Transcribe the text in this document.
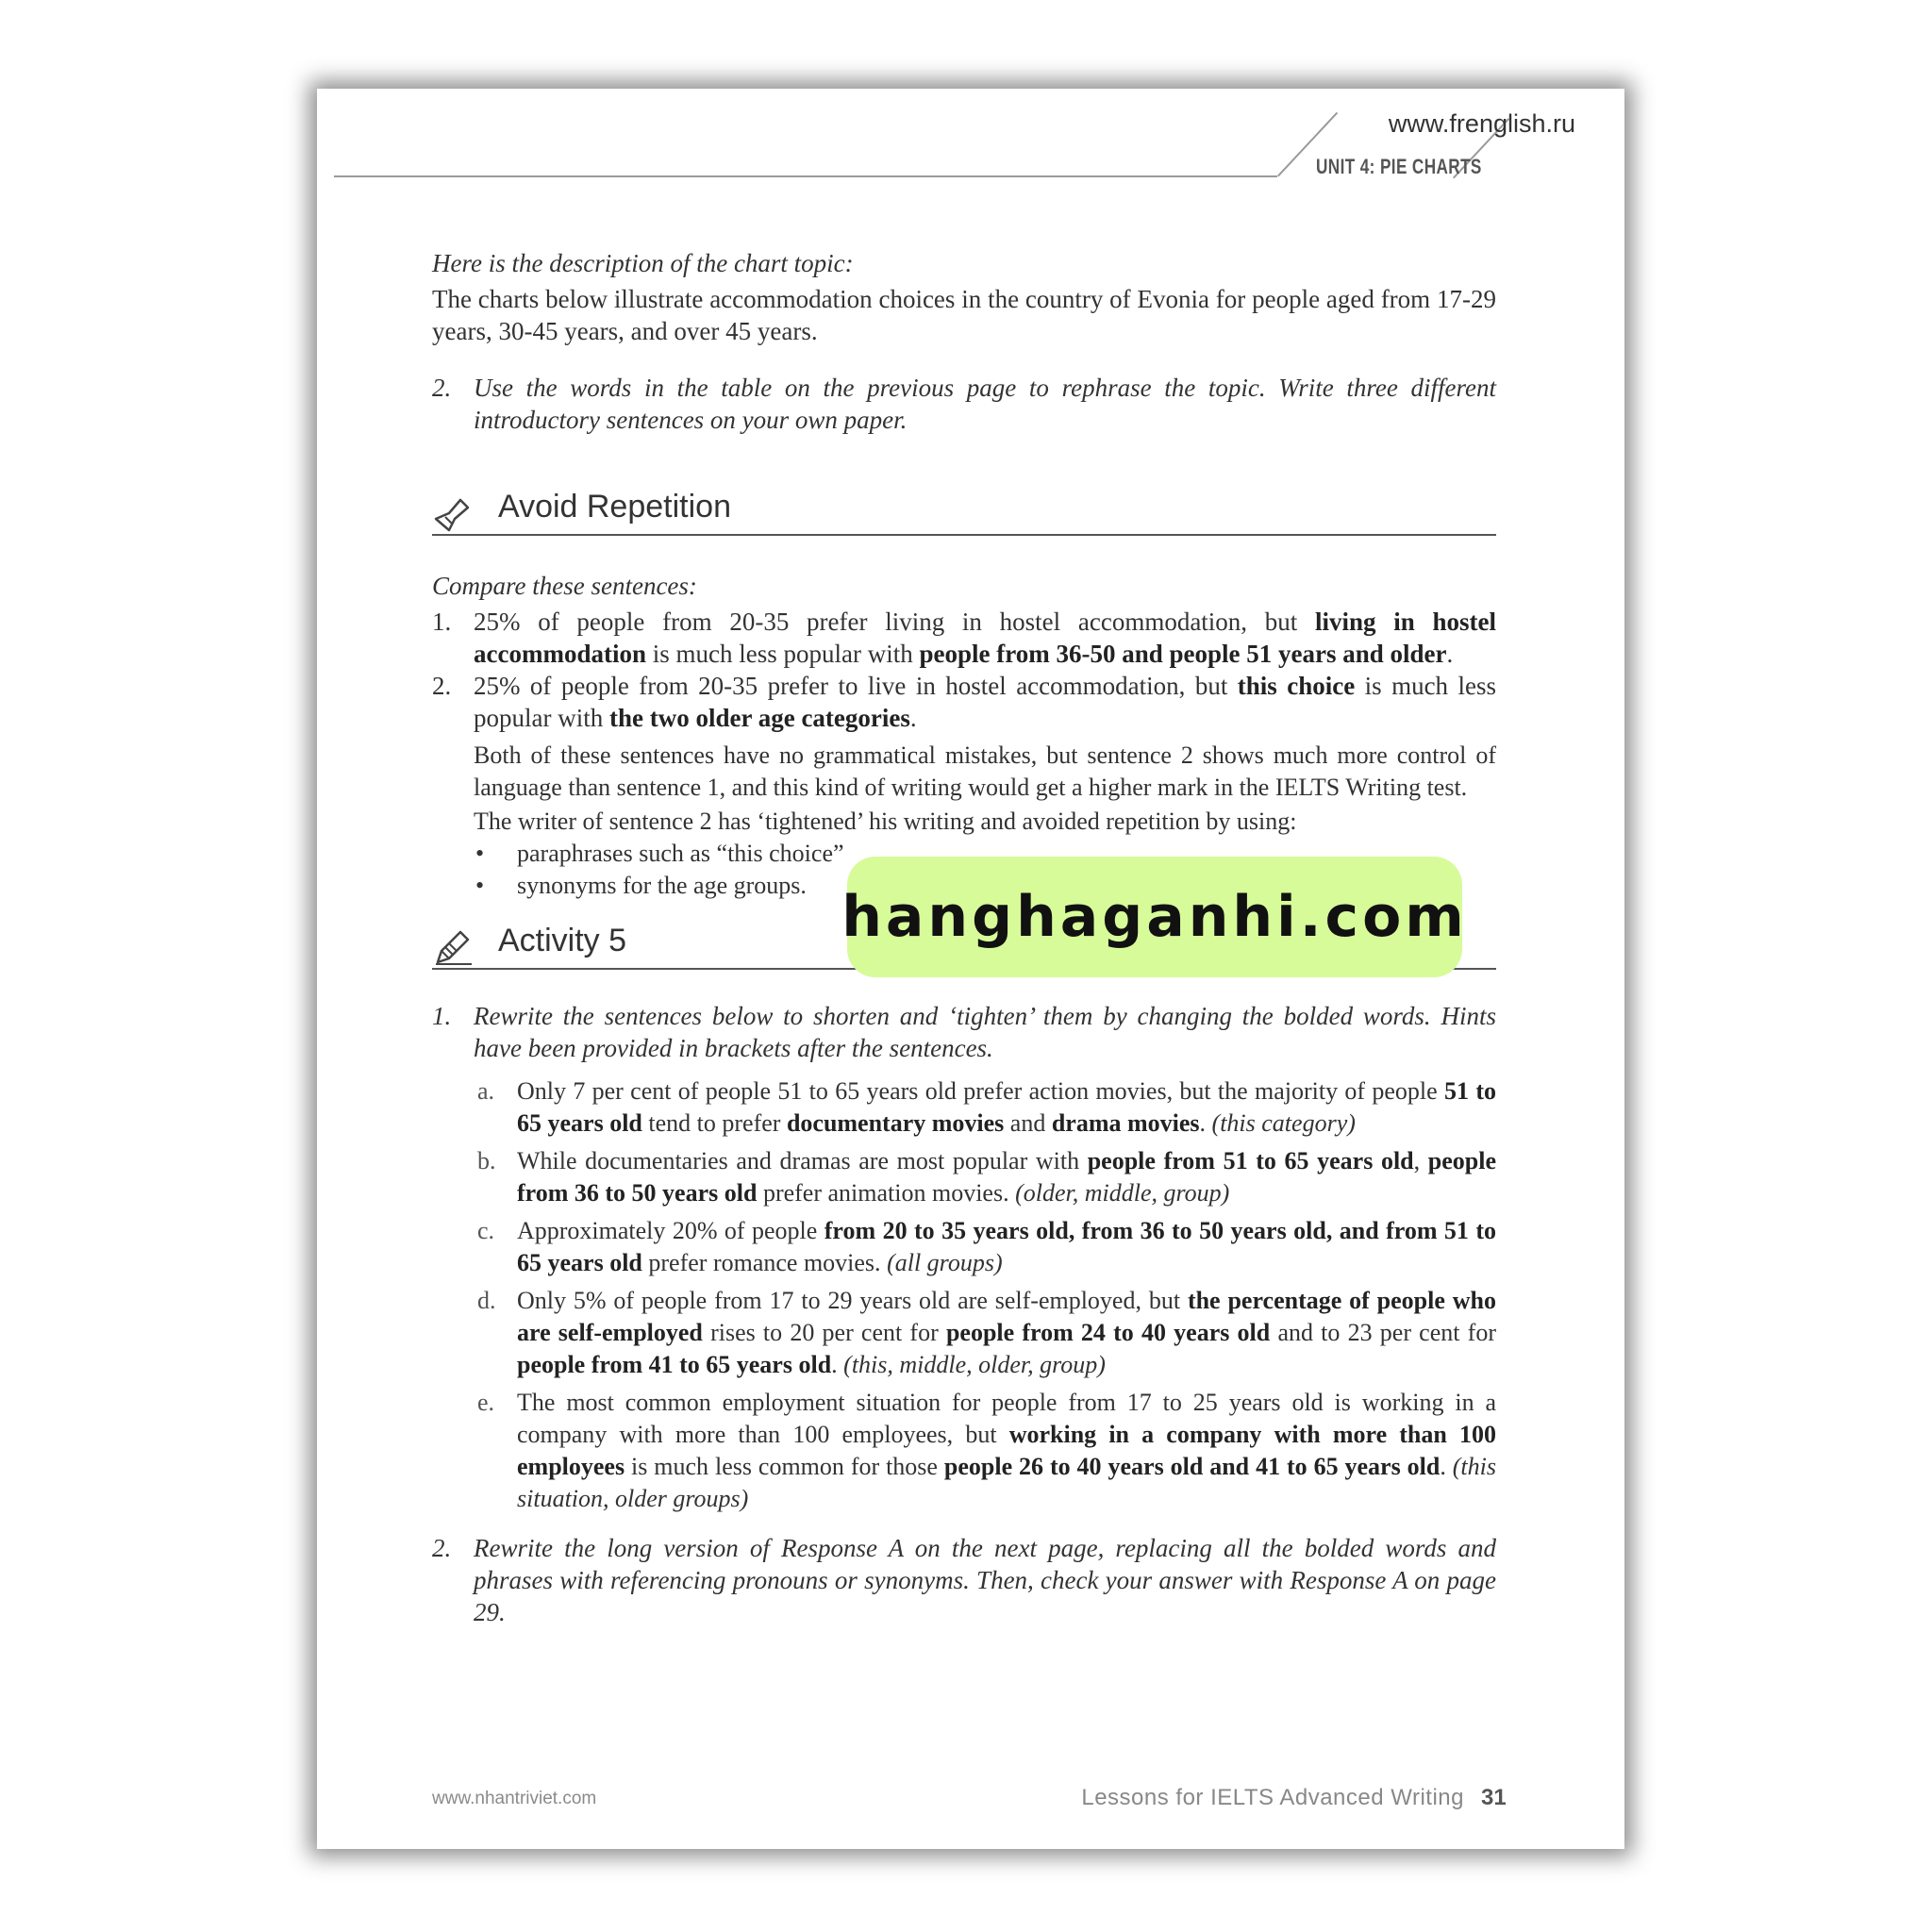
www.frenglish.ru
UNIT 4: PIE CHARTS
Here is the description of the chart topic:
The charts below illustrate accommodation choices in the country of Evonia for people aged from 17-29 years, 30-45 years, and over 45 years.
2. Use the words in the table on the previous page to rephrase the topic. Write three different introductory sentences on your own paper.
Avoid Repetition
Compare these sentences:
1. 25% of people from 20-35 prefer living in hostel accommodation, but living in hostel accommodation is much less popular with people from 36-50 and people 51 years and older.
2. 25% of people from 20-35 prefer to live in hostel accommodation, but this choice is much less popular with the two older age categories.
Both of these sentences have no grammatical mistakes, but sentence 2 shows much more control of language than sentence 1, and this kind of writing would get a higher mark in the IELTS Writing test.
The writer of sentence 2 has ‘tightened’ his writing and avoided repetition by using:
• paraphrases such as “this choice”
• synonyms for the age groups.
Activity 5
1. Rewrite the sentences below to shorten and ‘tighten’ them by changing the bolded words. Hints have been provided in brackets after the sentences.
a. Only 7 per cent of people 51 to 65 years old prefer action movies, but the majority of people 51 to 65 years old tend to prefer documentary movies and drama movies. (this category)
b. While documentaries and dramas are most popular with people from 51 to 65 years old, people from 36 to 50 years old prefer animation movies. (older, middle, group)
c. Approximately 20% of people from 20 to 35 years old, from 36 to 50 years old, and from 51 to 65 years old prefer romance movies. (all groups)
d. Only 5% of people from 17 to 29 years old are self-employed, but the percentage of people who are self-employed rises to 20 per cent for people from 24 to 40 years old and to 23 per cent for people from 41 to 65 years old. (this, middle, older, group)
e. The most common employment situation for people from 17 to 25 years old is working in a company with more than 100 employees, but working in a company with more than 100 employees is much less common for those people 26 to 40 years old and 41 to 65 years old. (this situation, older groups)
2. Rewrite the long version of Response A on the next page, replacing all the bolded words and phrases with referencing pronouns or synonyms. Then, check your answer with Response A on page 29.
www.nhantriviet.com	Lessons for IELTS Advanced Writing 31
hanghaganhi.com
